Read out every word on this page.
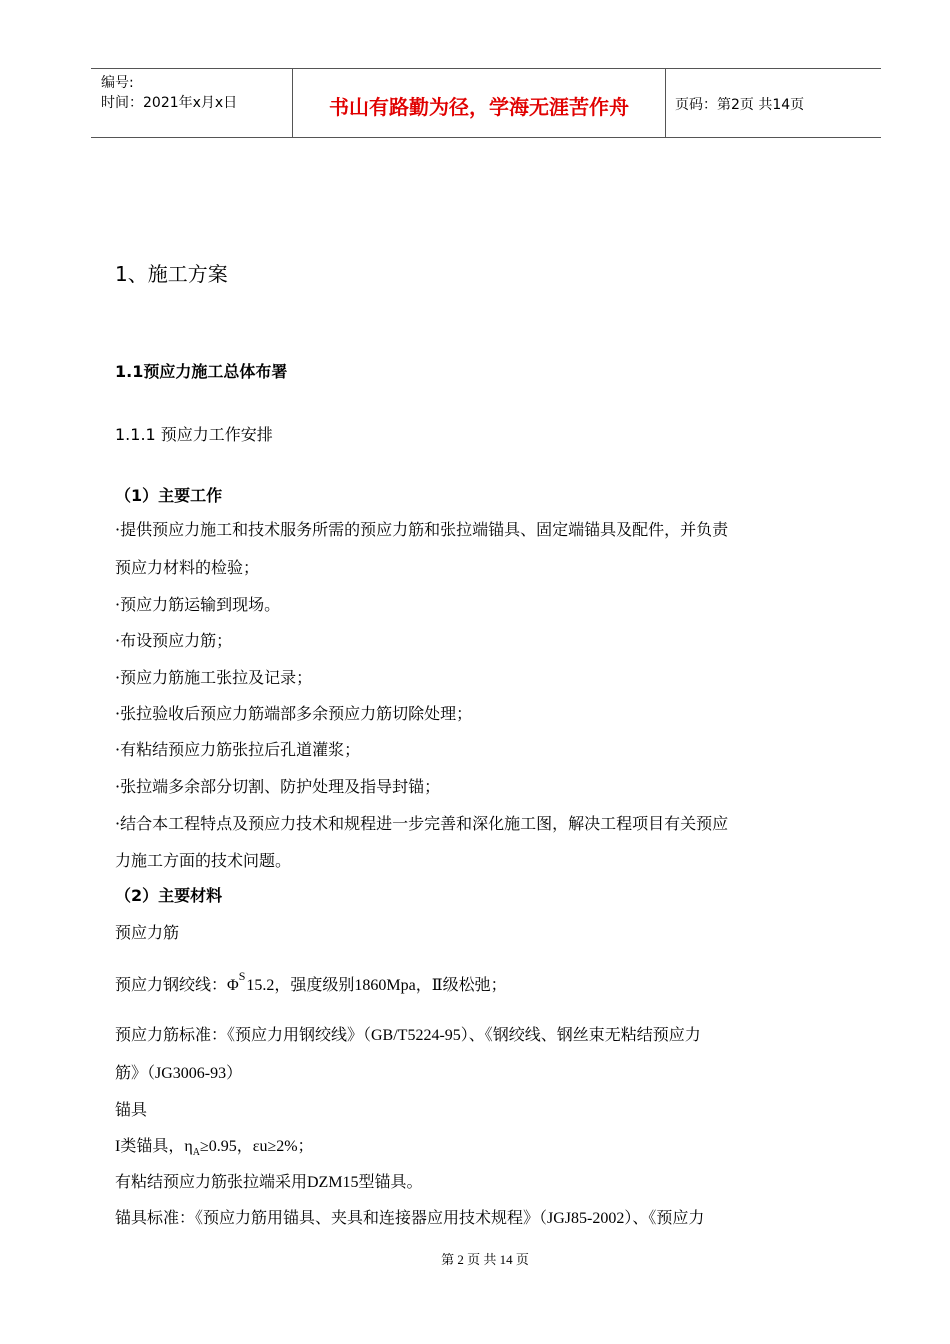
编号:
时间：2021年x月x日	书山有路勤为径，学海无涯苦作舟	页码：第2页 共14页
1、施工方案
1.1预应力施工总体布署
1.1.1 预应力工作安排
（1）主要工作
·提供预应力施工和技术服务所需的预应力筋和张拉端锚具、固定端锚具及配件，并负责
预应力材料的检验；
·预应力筋运输到现场。
·布设预应力筋；
·预应力筋施工张拉及记录；
·张拉验收后预应力筋端部多余预应力筋切除处理；
·有粘结预应力筋张拉后孔道灌浆；
·张拉端多余部分切割、防护处理及指导封锚；
·结合本工程特点及预应力技术和规程进一步完善和深化施工图，解决工程项目有关预应
力施工方面的技术问题。
（2）主要材料
预应力筋
预应力钢绞线：$\Phi^S15.2$，强度级别1860Mpa，Ⅱ级松弛；
预应力筋标准：《预应力用钢绞线》（GB/T5224-95）、《钢绞线、钢丝束无粘结预应力
筋》（JG3006-93）
锚具
I类锚具，$\eta_A\ge 0.95$，εu≥2%；
有粘结预应力筋张拉端采用DZM15型锚具。
锚具标准：《预应力筋用锚具、夹具和连接器应用技术规程》（JGJ85-2002）、《预应力
第 2 页 共 14 页
